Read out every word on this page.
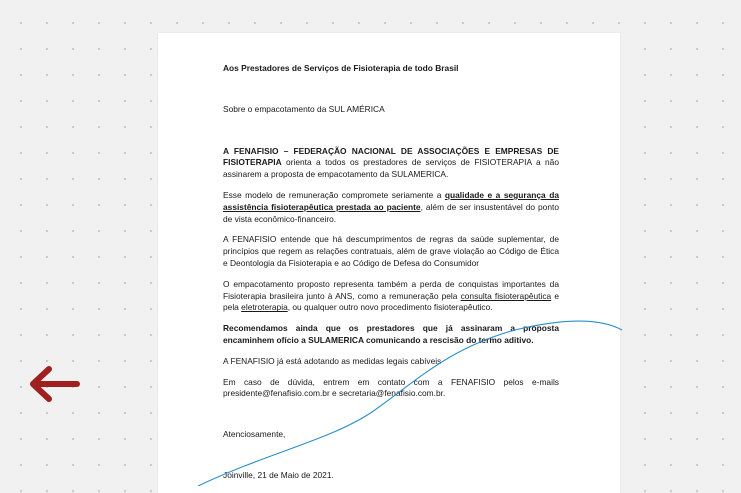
Aos Prestadores de Serviços de Fisioterapia de todo Brasil

Sobre o empacotamento da SUL AMÉRICA

A FENAFISIO – FEDERAÇÃO NACIONAL DE ASSOCIAÇÕES E EMPRESAS DE FISIOTERAPIA orienta a todos os prestadores de serviços de FISIOTERAPIA a não assinarem a proposta de empacotamento da SULAMERICA.

Esse modelo de remuneração compromete seriamente a qualidade e a segurança da assistência fisioterapêutica prestada ao paciente, além de ser insustentável do ponto de vista econômico-financeiro.

A FENAFISIO entende que há descumprimentos de regras da saúde suplementar, de princípios que regem as relações contratuais, além de grave violação ao Código de Ética e Deontologia da Fisioterapia e ao Código de Defesa do Consumidor

O empacotamento proposto representa também a perda de conquistas importantes da Fisioterapia brasileira junto à ANS, como a remuneração pela consulta fisioterapêutica e pela eletroterapia, ou qualquer outro novo procedimento fisioterapêutico.

Recomendamos ainda que os prestadores que já assinaram a proposta encaminhem ofício a SULAMERICA comunicando a rescisão do termo aditivo.

A FENAFISIO já está adotando as medidas legais cabíveis

Em caso de dúvida, entrem em contato com a FENAFISIO pelos e-mails presidente@fenafisio.com.br e secretaria@fenafisio.com.br.

Atenciosamente,

Joinville, 21 de Maio de 2021.
